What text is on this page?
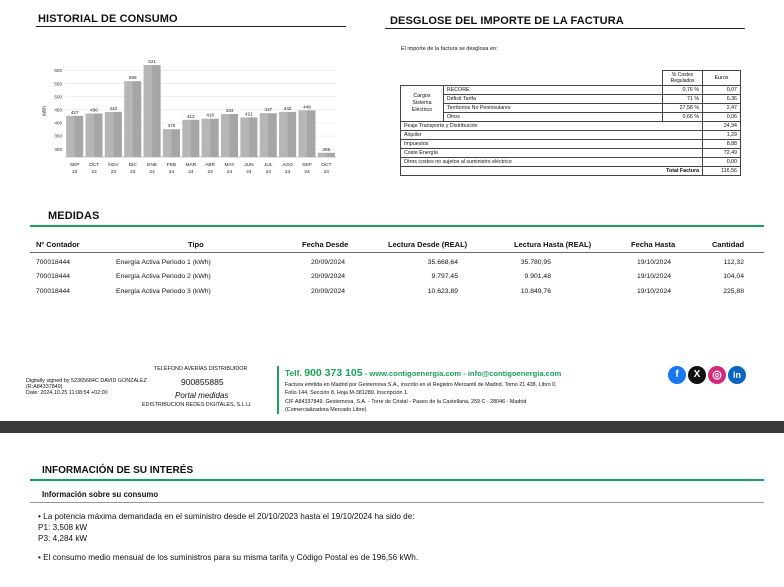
HISTORIAL DE CONSUMO
kWh
300
350
400
450
500
550
600
427
SEP
23
436
OCT
23
442
NOV
23
559
DIC
23
621
ENE
24
376
FEB
24
412
MAR
24
416
ABR
24
434
MAY
24
421
JUN
24
437
JUL
24
442
AGO
24
448
SEP
24
286
OCT
24
DESGLOSE DEL IMPORTE DE LA FACTURA
El importe de la factura se desglosa en:
		% Costes Regulados	Euros
Cargos Sistema Eléctrico	RECORE	0,76 %	0,07
	Déficit Tarifa	71 %	6,36
	Territorios No Peninsulares	27,58 %	2,47
	Otros	0,66 %	0,06
Peaje Transporte y Distribución			24,94
Alquiler			1,29
Impuestos			8,88
Coste Energía			72,49
Otros costes no sujetos al suministro eléctrico			0,00
Total Factura			116,56
MEDIDAS
Nº Contador	Tipo	Fecha Desde	Lectura Desde (REAL)	Lectura Hasta (REAL)	Fecha Hasta	Cantidad
700018444	Energía Activa Periodo 1 (kWh)	20/09/2024	35.668,64	35.780,95	19/10/2024	112,32
700018444	Energía Activa Periodo 2 (kWh)	20/09/2024	9.797,45	9.901,48	19/10/2024	104,04
700018444	Energía Activa Periodo 3 (kWh)	20/09/2024	10.623,89	10.849,76	19/10/2024	225,88
Digitally signed by 52365684C DAVID GONZALEZ
(R:A84337849)
Date: 2024.10.25 11:08:54 +02:00
TELÉFONO AVERÍAS DISTRIBUIDOR
900855885
Portal medidas
EDISTRIBUCION REDES DIGITALES, S.L.U.
Telf. 900 373 105 - www.contigoenergia.com - info@contigoenergia.com
Factura emitida en Madrid por Gesternova S.A., inscrito en el Registro Mercantil de Madrid, Tomo 21.438, Libro 0,
Folio 144, Sección 8, Hoja M-381289, Inscripción 1.
CIF A84337849. Gesternova, S.A. - Torre de Cristal - Paseo de la Castellana, 259 C - 28046 - Madrid
(Comercializadora Mercado Libre)
f	X	◎	in
INFORMACIÓN DE SU INTERÉS
Información sobre su consumo
• La potencia máxima demandada en el suministro desde el 20/10/2023 hasta el 19/10/2024 ha sido de:
P1: 3,508 kW
P3: 4,284 kW
• El consumo medio mensual de los suministros para su misma tarifa y Código Postal es de 196,56 kWh.
